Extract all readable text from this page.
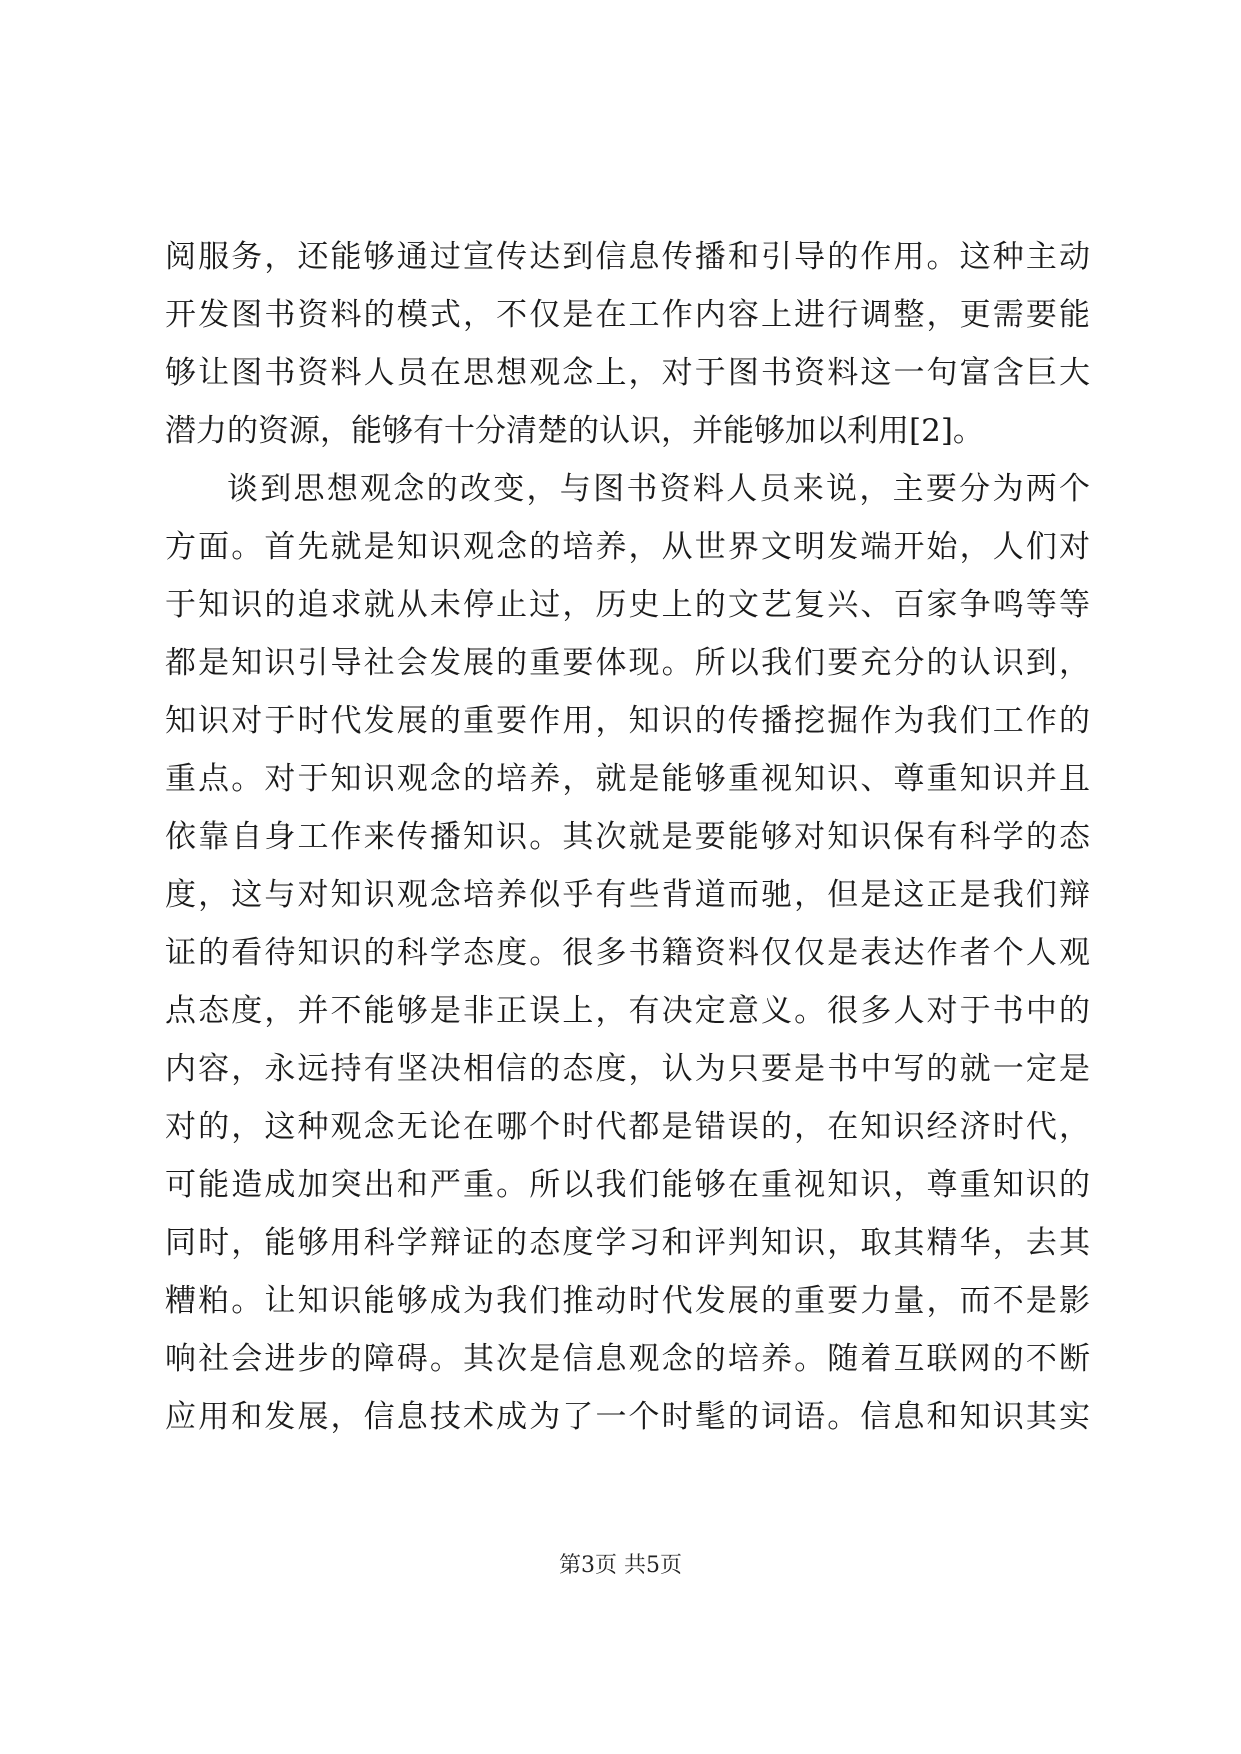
阅服务，还能够通过宣传达到信息传播和引导的作用。这种主动
开发图书资料的模式，不仅是在工作内容上进行调整，更需要能
够让图书资料人员在思想观念上，对于图书资料这一句富含巨大
潜力的资源，能够有十分清楚的认识，并能够加以利用[2]。
谈到思想观念的改变，与图书资料人员来说，主要分为两个
方面。首先就是知识观念的培养，从世界文明发端开始，人们对
于知识的追求就从未停止过，历史上的文艺复兴、百家争鸣等等
都是知识引导社会发展的重要体现。所以我们要充分的认识到，
知识对于时代发展的重要作用，知识的传播挖掘作为我们工作的
重点。对于知识观念的培养，就是能够重视知识、尊重知识并且
依靠自身工作来传播知识。其次就是要能够对知识保有科学的态
度，这与对知识观念培养似乎有些背道而驰，但是这正是我们辩
证的看待知识的科学态度。很多书籍资料仅仅是表达作者个人观
点态度，并不能够是非正误上，有决定意义。很多人对于书中的
内容，永远持有坚决相信的态度，认为只要是书中写的就一定是
对的，这种观念无论在哪个时代都是错误的，在知识经济时代，
可能造成加突出和严重。所以我们能够在重视知识，尊重知识的
同时，能够用科学辩证的态度学习和评判知识，取其精华，去其
糟粕。让知识能够成为我们推动时代发展的重要力量，而不是影
响社会进步的障碍。其次是信息观念的培养。随着互联网的不断
应用和发展，信息技术成为了一个时髦的词语。信息和知识其实
第3页 共5页
